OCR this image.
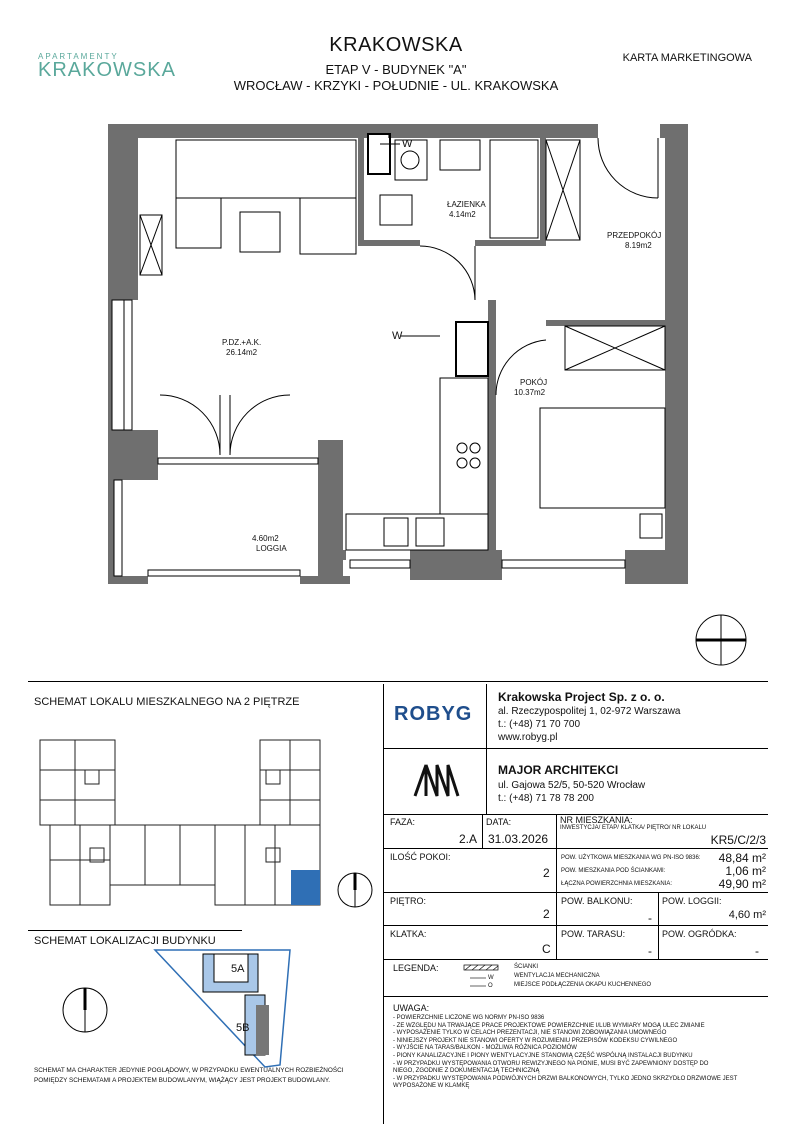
KRAKOWSKA
ETAP V - BUDYNEK "A"
WROCŁAW - KRZYKI - POŁUDNIE - UL. KRAKOWSKA
KARTA MARKETINGOWA
APARTAMENTY
KRAKOWSKA
ŁAZIENKA
4.14m2
PRZEDPOKÓJ
8.19m2
P.DZ.+A.K.
26.14m2
POKÓJ
10.37m2
4.60m2
LOGGIA
W
W
SCHEMAT LOKALU MIESZKALNEGO NA 2 PIĘTRZE
SCHEMAT LOKALIZACJI BUDYNKU
5A
5B
SCHEMAT MA CHARAKTER JEDYNIE POGLĄDOWY, W PRZYPADKU EWENTUALNYCH ROZBIEŻNOŚCI
POMIĘDZY SCHEMATAMI A PROJEKTEM BUDOWLANYM, WIĄŻĄCY JEST PROJEKT BUDOWLANY.
ROBYG
Krakowska Project Sp. z o. o.
al. Rzeczypospolitej 1, 02-972 Warszawa
t.: (+48) 71 70 700
www.robyg.pl
MAJOR ARCHITEKCI
ul. Gajowa 52/5, 50-520 Wrocław
t.: (+48) 71 78 78 200
FAZA:
2.A
DATA:
31.03.2026
NR MIESZKANIA:
INWESTYCJA/ ETAP/ KLATKA/ PIĘTRO/ NR LOKALU
KR5/C/2/3
ILOŚĆ POKOI:
2
POW. UŻYTKOWA MIESZKANIA WG PN-ISO 9836: 48,84 m²
POW. MIESZKANIA POD ŚCIANKAMI:	1,06 m²
ŁĄCZNA POWIERZCHNIA MIESZKANIA:	49,90 m²
PIĘTRO:
2
POW. BALKONU:
-
POW. LOGGII:
4,60 m²
KLATKA:
C
POW. TARASU:
-
POW. OGRÓDKA:
-
LEGENDA:
W
O
ŚCIANKI
WENTYLACJA MECHANICZNA
MIEJSCE PODŁĄCZENIA OKAPU KUCHENNEGO
UWAGA:
- POWIERZCHNIE LICZONE WG NORMY PN-ISO 9836
- ZE WZGLĘDU NA TRWAJĄCE PRACE PROJEKTOWE POWIERZCHNIE I/LUB WYMIARY MOGĄ ULEC ZMIANIE
- WYPOSAŻENIE TYLKO W CELACH PREZENTACJI, NIE STANOWI ZOBOWIĄZANIA UMOWNEGO
- NINIEJSZY PROJEKT NIE STANOWI OFERTY W ROZUMIENIU PRZEPISÓW KODEKSU CYWILNEGO
- WYJŚCIE NA TARAS/BALKON - MOŻLIWA RÓŻNICA POZIOMÓW
- PIONY KANALIZACYJNE I PIONY WENTYLACYJNE STANOWIĄ CZĘŚĆ WSPÓLNĄ INSTALACJI BUDYNKU
- W PRZYPADKU WYSTĘPOWANIA OTWORU REWIZYJNEGO NA PIONIE, MUSI BYĆ ZAPEWNIONY DOSTĘP DO
NIEGO, ZGODNIE Z DOKUMENTACJĄ TECHNICZNĄ
- W PRZYPADKU WYSTĘPOWANIA PODWÓJNYCH DRZWI BALKONOWYCH, TYLKO JEDNO SKRZYDŁO DRZWIOWE JEST
WYPOSAŻONE W KLAMKĘ
